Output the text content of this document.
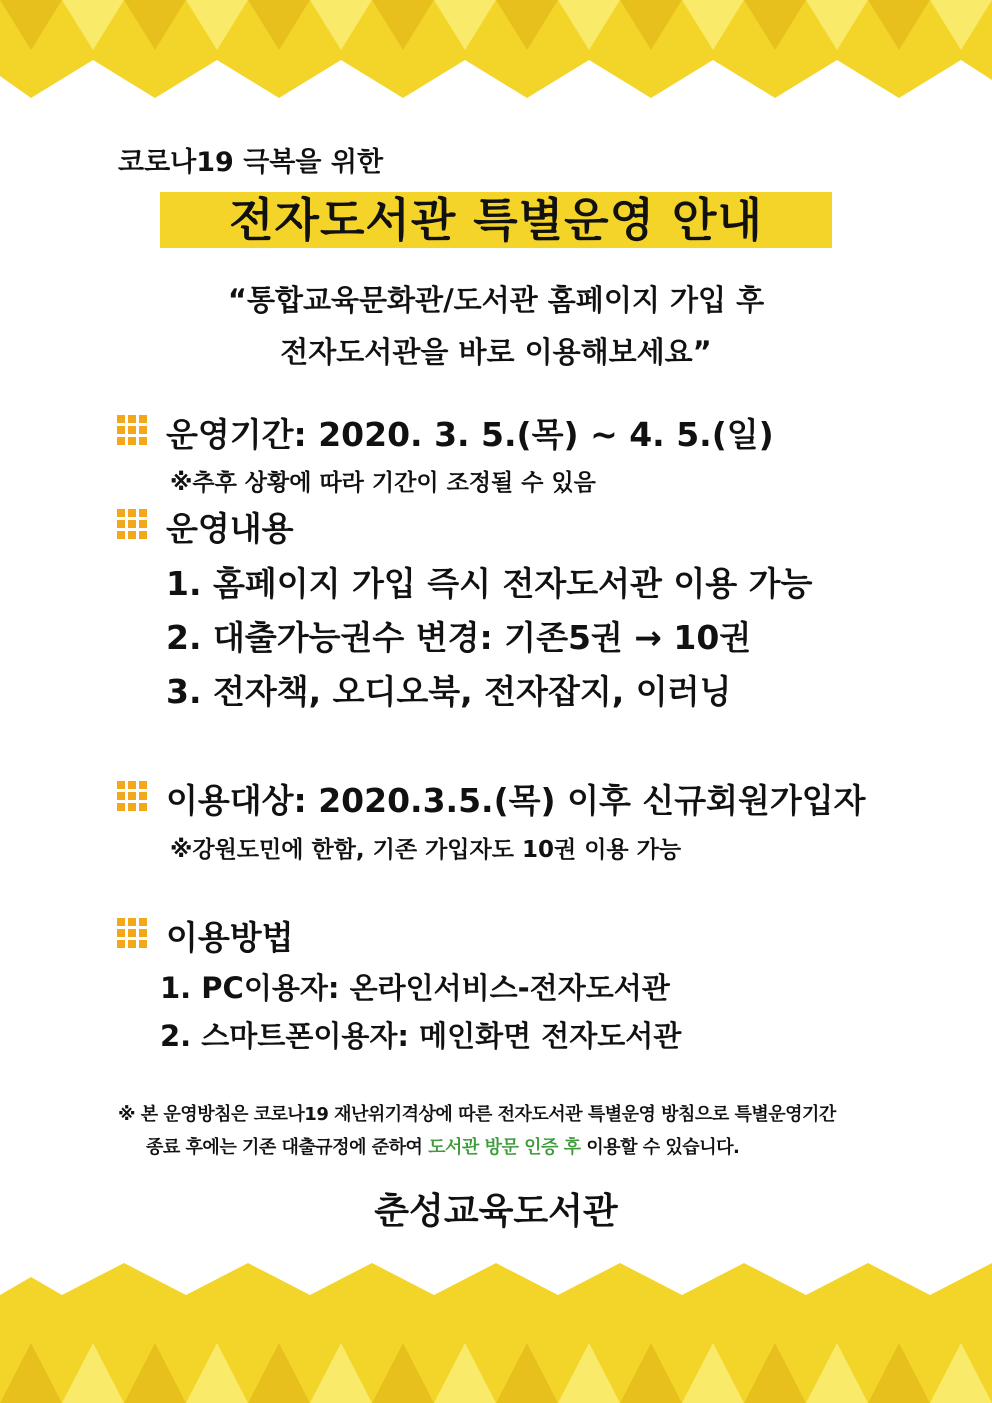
코로나19 극복을 위한
전자도서관 특별운영 안내
“통합교육문화관/도서관 홈페이지 가입 후
전자도서관을 바로 이용해보세요”
운영기간: 2020. 3. 5.(목) ~ 4. 5.(일)
※추후 상황에 따라 기간이 조정될 수 있음
운영내용
1. 홈페이지 가입 즉시 전자도서관 이용 가능
2. 대출가능권수 변경: 기존5권 → 10권
3. 전자책, 오디오북, 전자잡지, 이러닝
이용대상: 2020.3.5.(목) 이후 신규회원가입자
※강원도민에 한함, 기존 가입자도 10권 이용 가능
이용방법
1. PC이용자: 온라인서비스-전자도서관
2. 스마트폰이용자: 메인화면 전자도서관
※ 본 운영방침은 코로나19 재난위기격상에 따른 전자도서관 특별운영 방침으로 특별운영기간
종료 후에는 기존 대출규정에 준하여 도서관 방문 인증 후 이용할 수 있습니다.
춘성교육도서관
